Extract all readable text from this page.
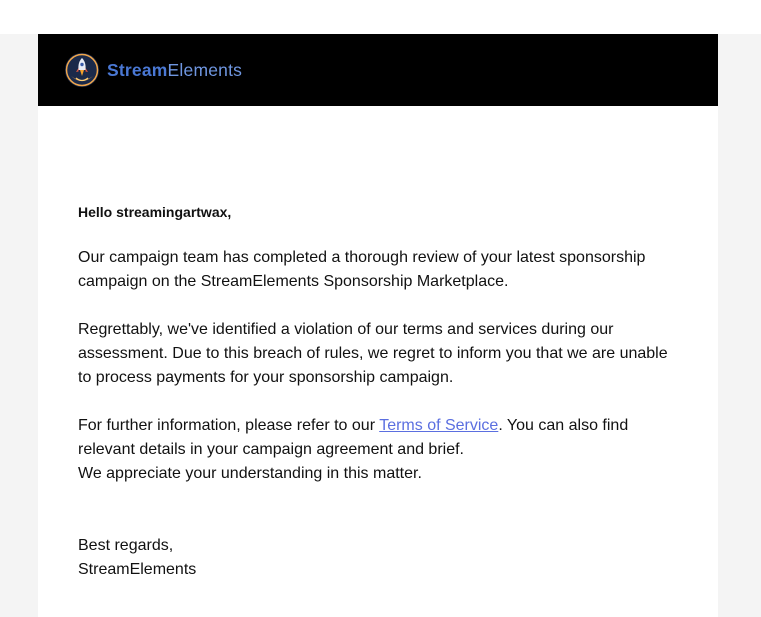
StreamElements

Hello streamingartwax,

Our campaign team has completed a thorough review of your latest sponsorship campaign on the StreamElements Sponsorship Marketplace.

Regrettably, we've identified a violation of our terms and services during our assessment. Due to this breach of rules, we regret to inform you that we are unable to process payments for your sponsorship campaign.

For further information, please refer to our Terms of Service. You can also find relevant details in your campaign agreement and brief.
We appreciate your understanding in this matter.

Best regards,
StreamElements
